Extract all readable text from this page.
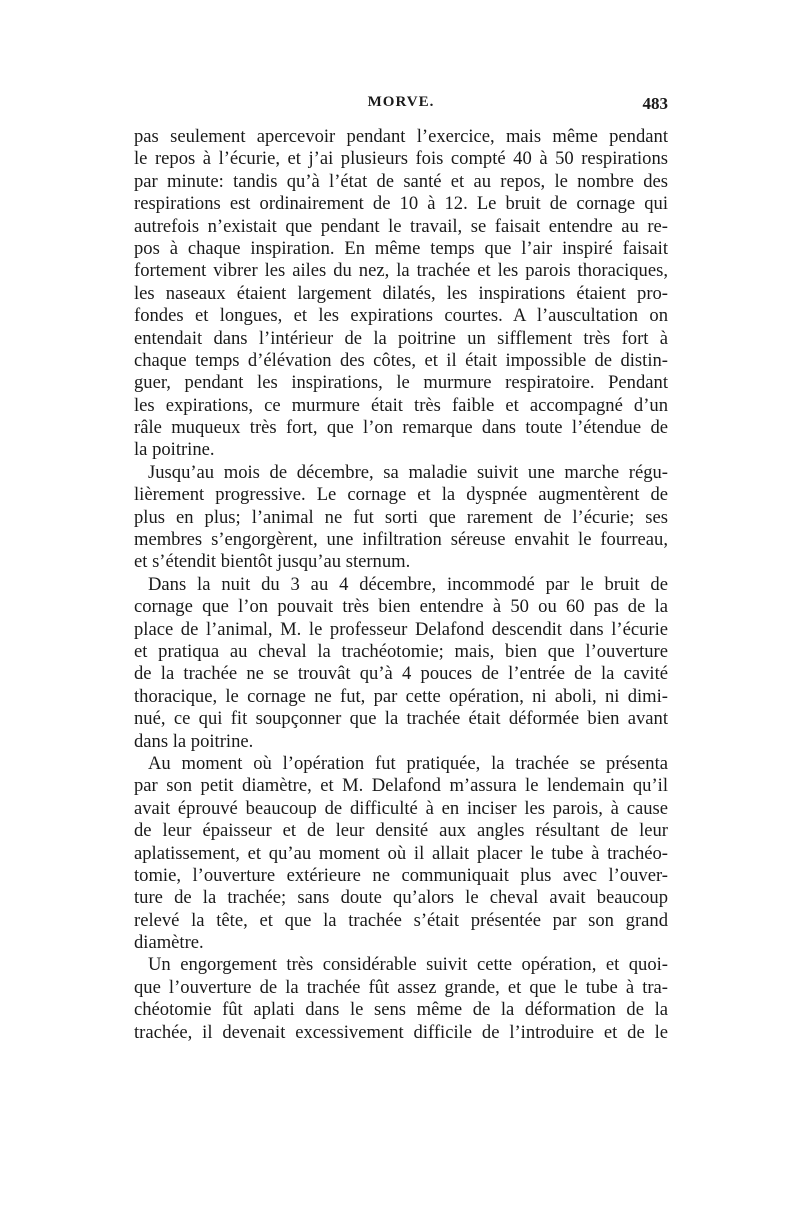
MORVE.	483
pas seulement apercevoir pendant l’exercice, mais même pendant
le repos à l’écurie, et j’ai plusieurs fois compté 40 à 50 respirations
par minute: tandis qu’à l’état de santé et au repos, le nombre des
respirations est ordinairement de 10 à 12. Le bruit de cornage qui
autrefois n’existait que pendant le travail, se faisait entendre au re-
pos à chaque inspiration. En même temps que l’air inspiré faisait
fortement vibrer les ailes du nez, la trachée et les parois thoraciques,
les naseaux étaient largement dilatés, les inspirations étaient pro-
fondes et longues, et les expirations courtes. A l’auscultation on
entendait dans l’intérieur de la poitrine un sifflement très fort à
chaque temps d’élévation des côtes, et il était impossible de distin-
guer, pendant les inspirations, le murmure respiratoire. Pendant
les expirations, ce murmure était très faible et accompagné d’un
râle muqueux très fort, que l’on remarque dans toute l’étendue de
la poitrine.
Jusqu’au mois de décembre, sa maladie suivit une marche régu-
lièrement progressive. Le cornage et la dyspnée augmentèrent de
plus en plus; l’animal ne fut sorti que rarement de l’écurie; ses
membres s’engorgèrent, une infiltration séreuse envahit le fourreau,
et s’étendit bientôt jusqu’au sternum.
Dans la nuit du 3 au 4 décembre, incommodé par le bruit de
cornage que l’on pouvait très bien entendre à 50 ou 60 pas de la
place de l’animal, M. le professeur Delafond descendit dans l’écurie
et pratiqua au cheval la trachéotomie; mais, bien que l’ouverture
de la trachée ne se trouvât qu’à 4 pouces de l’entrée de la cavité
thoracique, le cornage ne fut, par cette opération, ni aboli, ni dimi-
nué, ce qui fit soupçonner que la trachée était déformée bien avant
dans la poitrine.
Au moment où l’opération fut pratiquée, la trachée se présenta
par son petit diamètre, et M. Delafond m’assura le lendemain qu’il
avait éprouvé beaucoup de difficulté à en inciser les parois, à cause
de leur épaisseur et de leur densité aux angles résultant de leur
aplatissement, et qu’au moment où il allait placer le tube à trachéo-
tomie, l’ouverture extérieure ne communiquait plus avec l’ouver-
ture de la trachée; sans doute qu’alors le cheval avait beaucoup
relevé la tête, et que la trachée s’était présentée par son grand
diamètre.
Un engorgement très considérable suivit cette opération, et quoi-
que l’ouverture de la trachée fût assez grande, et que le tube à tra-
chéotomie fût aplati dans le sens même de la déformation de la
trachée, il devenait excessivement difficile de l’introduire et de le
